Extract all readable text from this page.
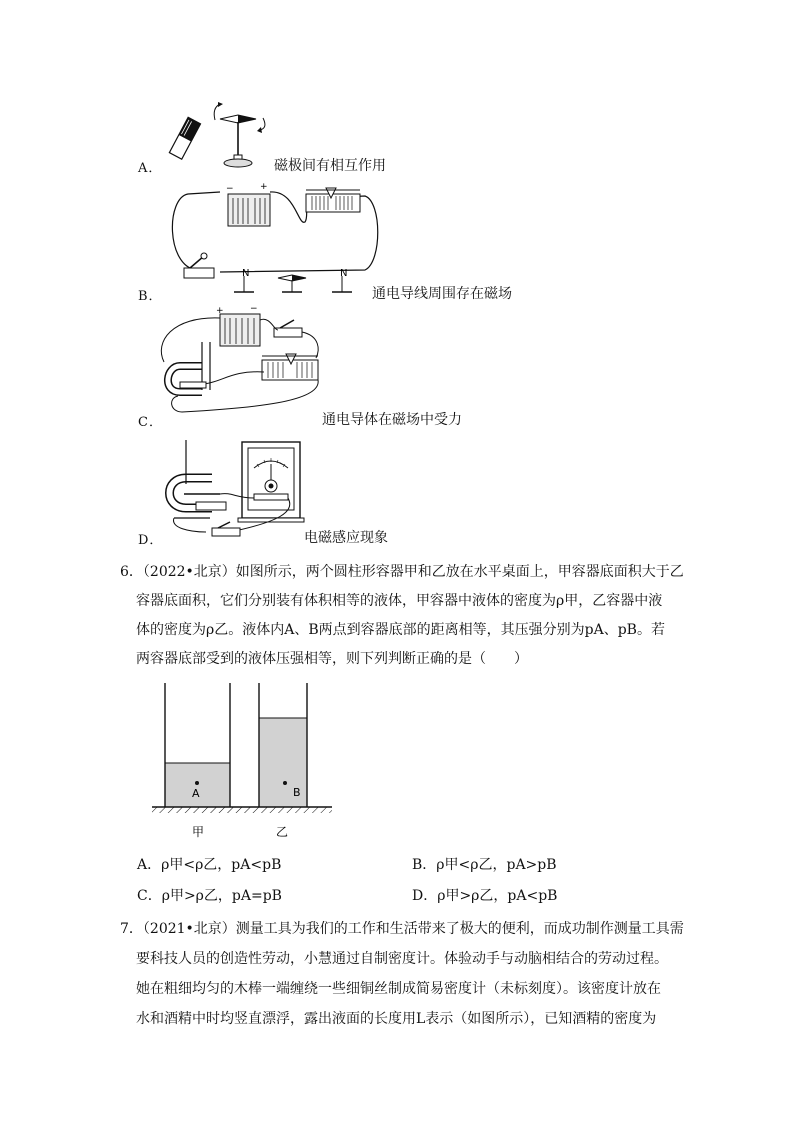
A．	磁极间有相互作用
−	+
N	N
B．	通电导线周围存在磁场
+	−
C．	通电导体在磁场中受力
D．	电磁感应现象
6．（2022•北京）如图所示，两个圆柱形容器甲和乙放在水平桌面上，甲容器底面积大于乙
容器底面积，它们分别装有体积相等的液体，甲容器中液体的密度为ρ甲，乙容器中液
体的密度为ρ乙。液体内A、B两点到容器底部的距离相等，其压强分别为pA、pB。若
两容器底部受到的液体压强相等，则下列判断正确的是（　　）
A	B
甲	乙
A．ρ甲<ρ乙，pA<pB	B．ρ甲<ρ乙，pA>pB
C．ρ甲>ρ乙，pA=pB	D．ρ甲>ρ乙，pA<pB
7．（2021•北京）测量工具为我们的工作和生活带来了极大的便利，而成功制作测量工具需
要科技人员的创造性劳动，小慧通过自制密度计。体验动手与动脑相结合的劳动过程。
她在粗细均匀的木棒一端缠绕一些细铜丝制成简易密度计（未标刻度）。该密度计放在
水和酒精中时均竖直漂浮，露出液面的长度用L表示（如图所示），已知酒精的密度为
